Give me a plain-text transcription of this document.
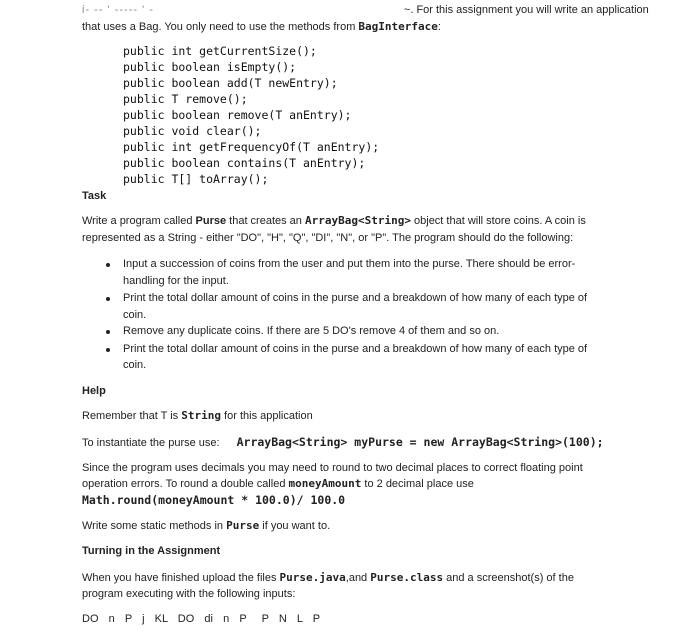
i- -- ' ----- ' -	~. For this assignment you will write an application
that uses a Bag. You only need to use the methods from BagInterface:
public int getCurrentSize();
public boolean isEmpty();
public boolean add(T newEntry);
public T remove();
public boolean remove(T anEntry);
public void clear();
public int getFrequencyOf(T anEntry);
public boolean contains(T anEntry);
public T[] toArray();
Task
Write a program called Purse that creates an ArrayBag<String> object that will store coins. A coin is
represented as a String - either "DO", "H", "Q", "DI", "N", or "P". The program should do the following:
Input a succession of coins from the user and put them into the purse. There should be error-
handling for the input.
Print the total dollar amount of coins in the purse and a breakdown of how many of each type of
coin.
Remove any duplicate coins. If there are 5 DO's remove 4 of them and so on.
Print the total dollar amount of coins in the purse and a breakdown of how many of each type of
coin.
Help
Remember that T is String for this application
To instantiate the purse use: ArrayBag<String> myPurse = new ArrayBag<String>(100);
Since the program uses decimals you may need to round to two decimal places to correct floating point
operation errors. To round a double called moneyAmount to 2 decimal place use
Math.round(moneyAmount * 100.0)/ 100.0
Write some static methods in Purse if you want to.
Turning in the Assignment
When you have finished upload the files Purse.java,and Purse.class and a screenshot(s) of the
program executing with the following inputs:
DO  n  P  j  KL  DO  di  n  P   P  N  L  P
